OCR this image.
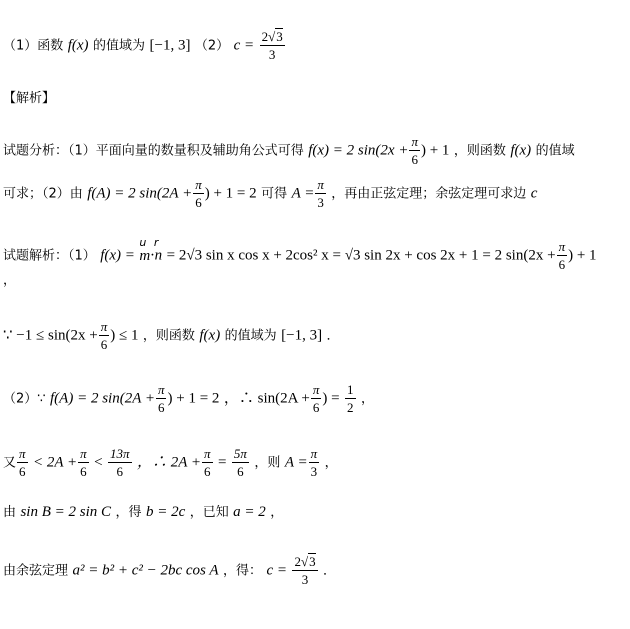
（1）函数 f(x) 的值域为 [−1, 3] （2） $c = \frac{2√3}{3}$
【解析】
试题分析：（1）平面向量的数量积及辅助角公式可得 f(x) = 2 $\sin(2x + \frac{\pi}{6}$ ) + 1 ，则函数 f(x) 的值域
可求；（2）由 f(A) = 2 $\sin(2A + \frac{\pi}{6}$ ) + 1 = 2 可得 $A = \frac{\pi}{3}$ ，再由正弦定理；余弦定理可求边 c
试题解析：（1） f(x) =
u r
m·n = 2√3 sin x cos x + 2cos² x = √3 sin 2x + cos 2x + 1 = 2 $\sin(2x + \frac{\pi}{6}$ ) + 1
，
∵ $-1 \le \sin(2x + \frac{\pi}{6}$ ) ≤ 1 ，则函数 f(x) 的值域为 [−1, 3] ．
（2）∵ f(A) = 2 $\sin(2A + \frac{\pi}{6}$ ) + 1 = 2 ，∴ $\sin(2A + \frac{\pi}{6}$ ) = $\frac{1}{2}$ ，
又 $\frac{\pi}{6} < 2A + \frac{\pi}{6} < \frac{13\pi}{6}$ ，∴ $2A + \frac{\pi}{6} = \frac{5\pi}{6}$ ，则 $A = \frac{\pi}{3}$ ，
由 sin B = 2 sin C ，得 b = 2c ，已知 a = 2 ，
由余弦定理 a² = b² + c² − 2bc cos A ，得： $c = \frac{2√3}{3}$ ．
